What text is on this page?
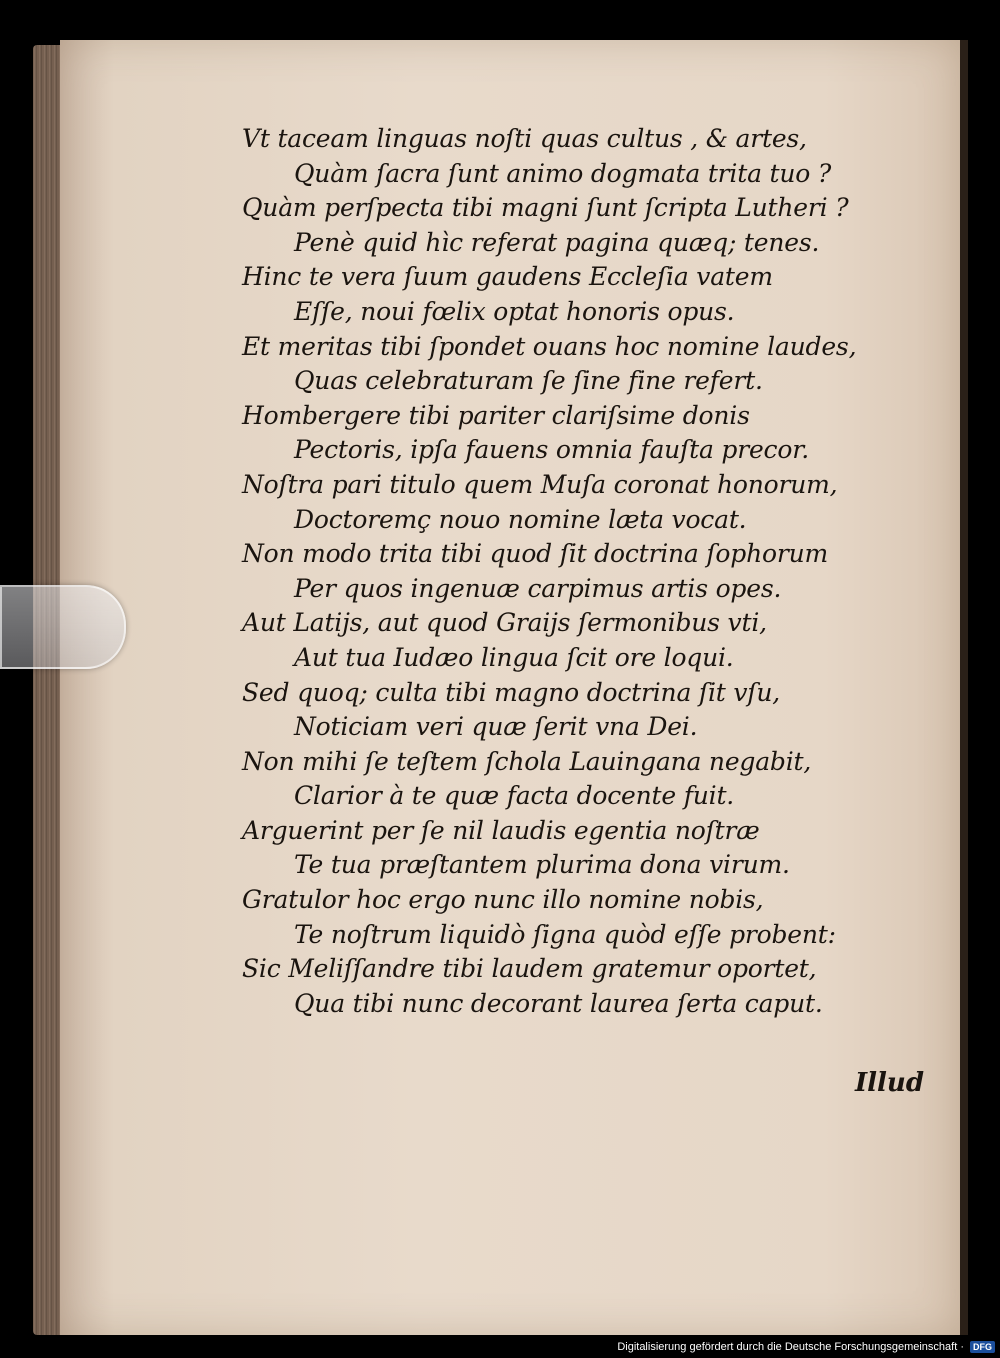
Vt taceam linguas noſti quas cultus , & artes,

Quàm ſacra ſunt animo dogmata trita tuo ?

Quàm perſpecta tibi magni ſunt ſcripta Lutheri ?

Penè quid hìc referat pagina quæq; tenes.

Hinc te vera ſuum gaudens Eccleſia vatem

Eſſe, noui fœlix optat honoris opus.

Et meritas tibi ſpondet ouans hoc nomine laudes,

Quas celebraturam ſe ſine fine refert.

Hombergere tibi pariter clariſsime donis

Pectoris, ipſa fauens omnia fauſta precor.

Noſtra pari titulo quem Muſa coronat honorum,

Doctoremç nouo nomine læta vocat.

Non modo trita tibi quod ſit doctrina ſophorum

Per quos ingenuæ carpimus artis opes.

Aut Latijs, aut quod Graijs ſermonibus vti,

Aut tua Iudæo lingua ſcit ore loqui.

Sed quoq; culta tibi magno doctrina ſit vſu,

Noticiam veri quæ ſerit vna Dei.

Non mihi ſe teſtem ſchola Lauingana negabit,

Clarior à te quæ facta docente fuit.

Arguerint per ſe nil laudis egentia noſtræ

Te tua præſtantem plurima dona virum.

Gratulor hoc ergo nunc illo nomine nobis,

Te noſtrum liquidò ſigna quòd eſſe probent:

Sic Meliſſandre tibi laudem gratemur oportet,

Qua tibi nunc decorant laurea ſerta caput.

Illud
Digitalisierung gefördert durch die Deutsche Forschungsgemeinschaft ·	DFG
